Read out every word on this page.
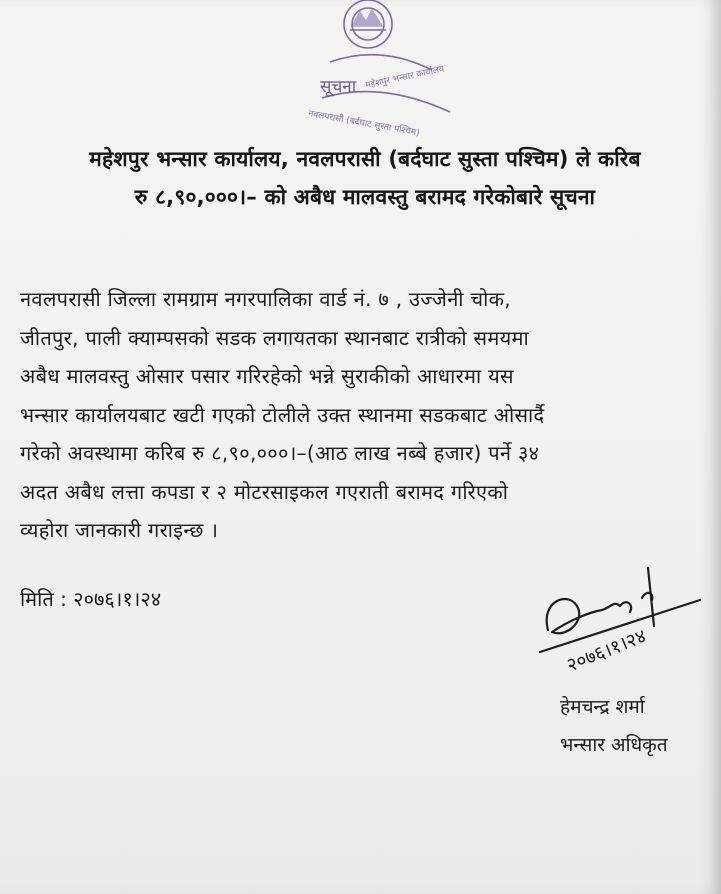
सूचना महेशपुर भन्सार कार्यालय
नवलपरासी (बर्दघाट सुस्ता पश्चिम)
महेशपुर भन्सार कार्यालय, नवलपरासी (बर्दघाट सुस्ता पश्चिम) ले करिब
रु ८,९०,०००।– को अबैध मालवस्तु बरामद गरेकोबारे सूचना
नवलपरासी जिल्ला रामग्राम नगरपालिका वार्ड नं. ७ , उज्जेनी चोक,
जीतपुर, पाली क्याम्पसको सडक लगायतका स्थानबाट रात्रीको समयमा
अबैध मालवस्तु ओसार पसार गरिरहेको भन्ने सुराकीको आधारमा यस
भन्सार कार्यालयबाट खटी गएको टोलीले उक्त स्थानमा सडकबाट ओसार्दै
गरेको अवस्थामा करिब रु ८,९०,०००।–(आठ लाख नब्बे हजार) पर्ने ३४
अदत अबैध लत्ता कपडा र २ मोटरसाइकल गएराती बरामद गरिएको
व्यहोरा जानकारी गराइन्छ ।
मिति : २०७६।१।२४
२०७६।१।२४
हेमचन्द्र शर्मा
भन्सार अधिकृत
